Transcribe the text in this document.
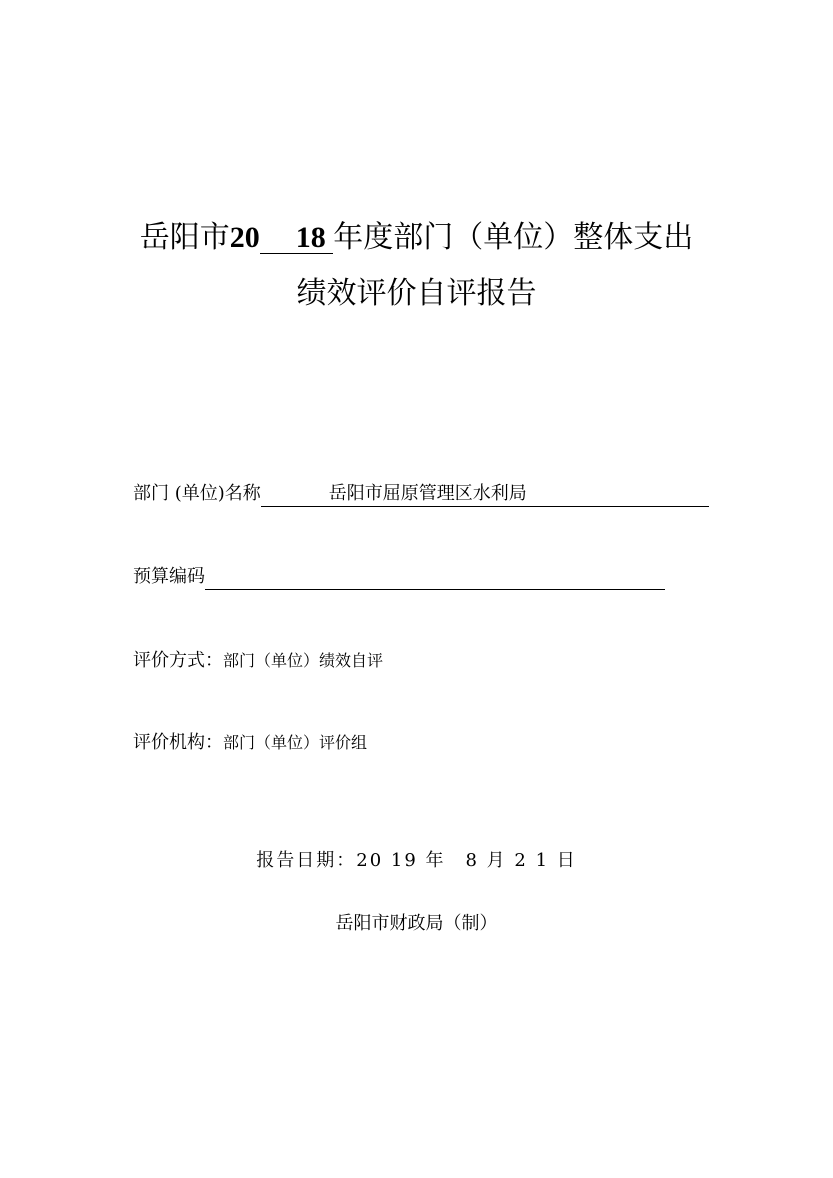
岳阳市20 18 年度部门（单位）整体支出
绩效评价自评报告
部门 (单位)名称	岳阳市屈原管理区水利局
预算编码
评价方式：部门（单位）绩效自评
评价机构：部门（单位）评价组
报告日期：20 19 年　8 月 2 1 日
岳阳市财政局（制）
